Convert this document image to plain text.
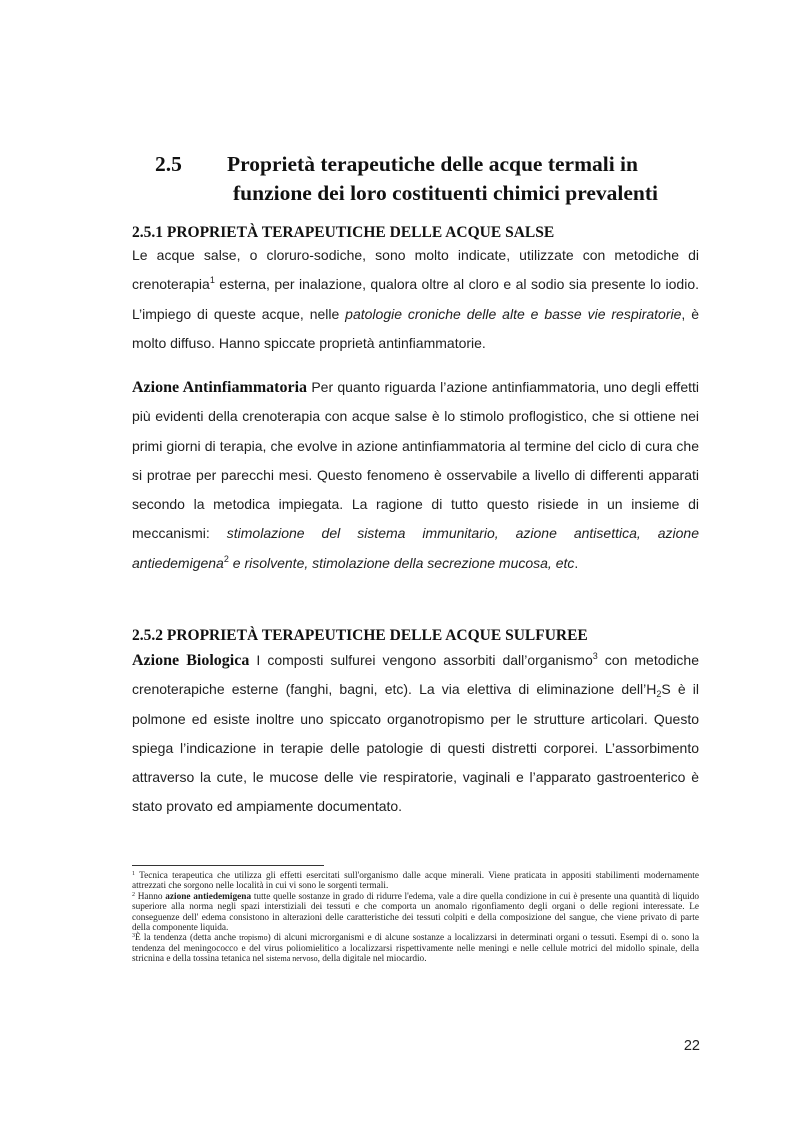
2.5 Proprietà terapeutiche delle acque termali in
funzione dei loro costituenti chimici prevalenti
2.5.1 PROPRIETÀ TERAPEUTICHE DELLE ACQUE SALSE
Le acque salse, o cloruro-sodiche, sono molto indicate, utilizzate con metodiche di crenoterapia$^1$ esterna, per inalazione, qualora oltre al cloro e al sodio sia presente lo iodio. L’impiego di queste acque, nelle patologie croniche delle alte e basse vie respiratorie, è molto diffuso. Hanno spiccate proprietà antinfiammatorie.
Azione Antinfiammatoria Per quanto riguarda l’azione antinfiammatoria, uno degli effetti più evidenti della crenoterapia con acque salse è lo stimolo proflogistico, che si ottiene nei primi giorni di terapia, che evolve in azione antinfiammatoria al termine del ciclo di cura che si protrae per parecchi mesi. Questo fenomeno è osservabile a livello di differenti apparati secondo la metodica impiegata. La ragione di tutto questo risiede in un insieme di meccanismi: stimolazione del sistema immunitario, azione antisettica, azione antiedemigena$^2$ e risolvente, stimolazione della secrezione mucosa, etc.
2.5.2 PROPRIETÀ TERAPEUTICHE DELLE ACQUE SULFUREE
Azione Biologica I composti sulfurei vengono assorbiti dall’organismo$^3$ con metodiche crenoterapiche esterne (fanghi, bagni, etc). La via elettiva di eliminazione $dell’H_2S$ è il polmone ed esiste inoltre uno spiccato organotropismo per le strutture articolari. Questo spiega l’indicazione in terapie delle patologie di questi distretti corporei. L’assorbimento attraverso la cute, le mucose delle vie respiratorie, vaginali e l’apparato gastroenterico è stato provato ed ampiamente documentato.

$^1$ Tecnica terapeutica che utilizza gli effetti esercitati sull'organismo dalle acque minerali. Viene praticata in appositi stabilimenti modernamente attrezzati che sorgono nelle località in cui vi sono le sorgenti termali.

$^2$ Hanno azione antiedemigena tutte quelle sostanze in grado di ridurre l'edema, vale a dire quella condizione in cui è presente una quantità di liquido superiore alla norma negli spazi interstiziali dei tessuti e che comporta un anomalo rigonfiamento degli organi o delle regioni interessate. Le conseguenze dell' edema consistono in alterazioni delle caratteristiche dei tessuti colpiti e della composizione del sangue, che viene privato di parte della componente liquida.

$^3$È la tendenza (detta anche tropismo) di alcuni microrganismi e di alcune sostanze a localizzarsi in determinati organi o tessuti. Esempi di o. sono la tendenza del meningococco e del virus poliomielitico a localizzarsi rispettivamente nelle meningi e nelle cellule motrici del midollo spinale, della stricnina e della tossina tetanica nel sistema nervoso, della digitale nel miocardio.

22
